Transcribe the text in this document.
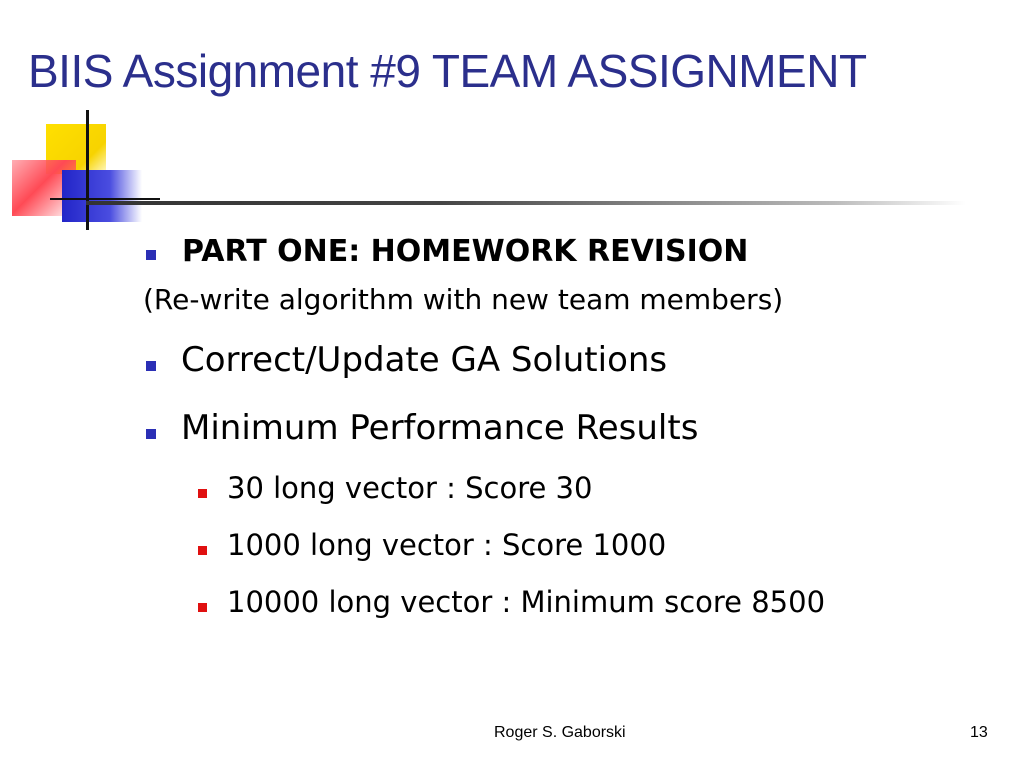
BIIS Assignment #9 TEAM ASSIGNMENT
PART ONE: HOMEWORK REVISION
(Re-write algorithm with new team members)
Correct/Update GA Solutions
Minimum Performance Results
30 long vector : Score 30
1000 long vector : Score 1000
10000 long vector : Minimum score 8500
Roger S. Gaborski	13
